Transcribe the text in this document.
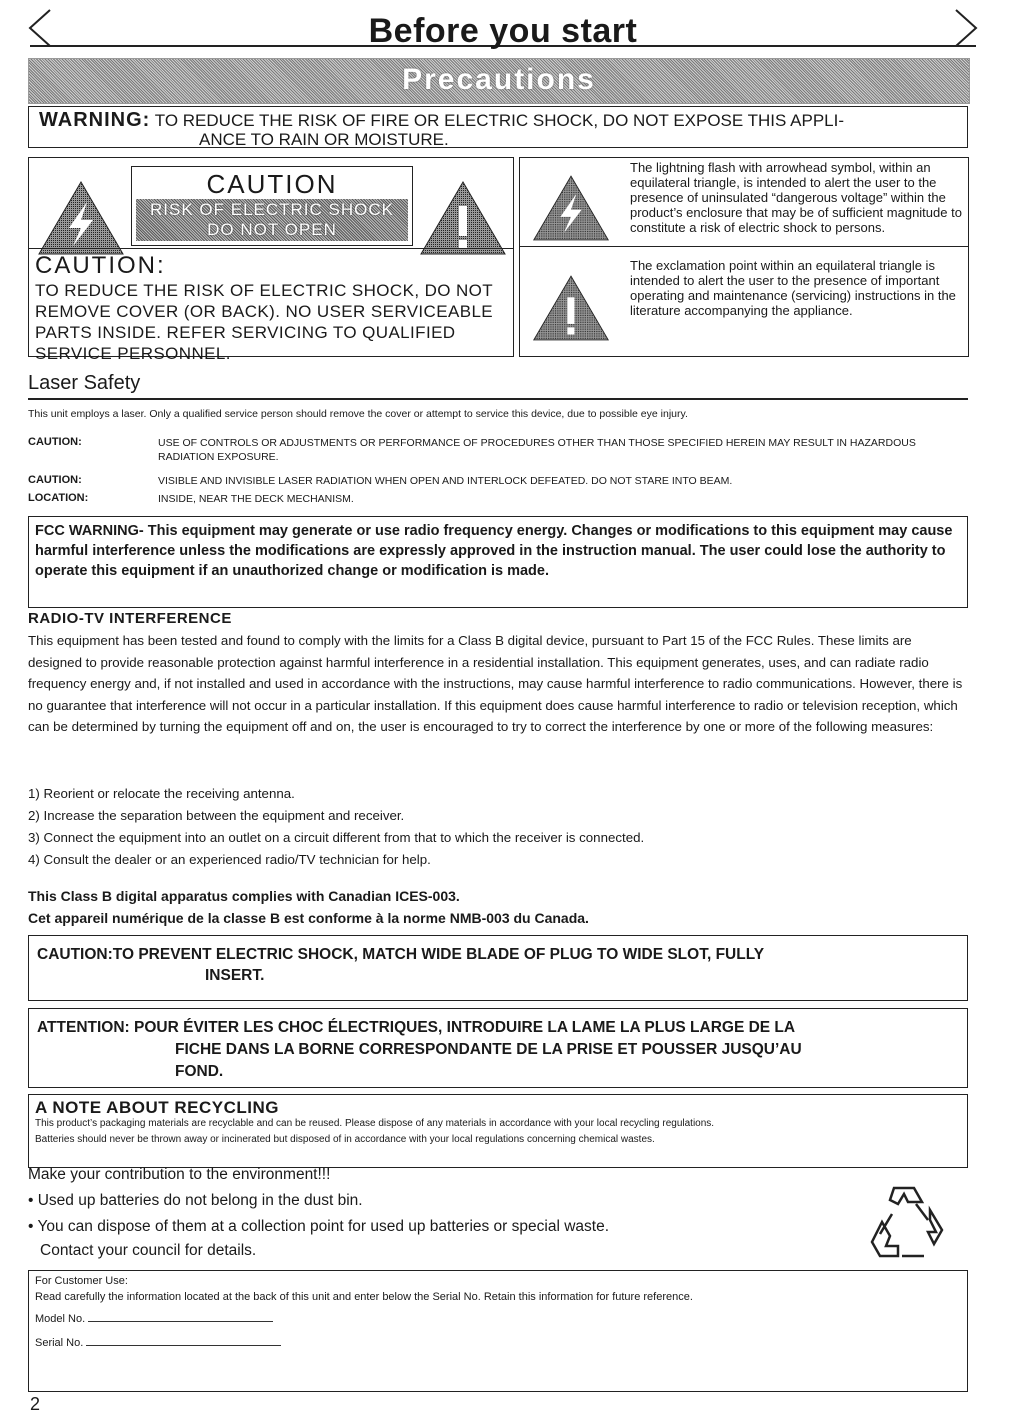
Before you start
Precautions
WARNING: TO REDUCE THE RISK OF FIRE OR ELECTRIC SHOCK, DO NOT EXPOSE THIS APPLI-
ANCE TO RAIN OR MOISTURE.
CAUTION
RISK OF ELECTRIC SHOCK
DO NOT OPEN
CAUTION:
TO REDUCE THE RISK OF ELECTRIC SHOCK, DO NOT REMOVE COVER (OR BACK). NO USER SERVICEABLE PARTS INSIDE. REFER SERVICING TO QUALIFIED SERVICE PERSONNEL.
The lightning flash with arrowhead symbol, within an equilateral triangle, is intended to alert the user to the presence of uninsulated “dangerous voltage” within the product’s enclosure that may be of sufficient magnitude to constitute a risk of electric shock to persons.
The exclamation point within an equilateral triangle is intended to alert the user to the presence of important operating and maintenance (servicing) instructions in the literature accompanying the appliance.
Laser Safety
This unit employs a laser. Only a qualified service person should remove the cover or attempt to service this device, due to possible eye injury.
CAUTION:	USE OF CONTROLS OR ADJUSTMENTS OR PERFORMANCE OF PROCEDURES OTHER THAN THOSE SPECIFIED HEREIN MAY RESULT IN HAZARDOUS RADIATION EXPOSURE.
CAUTION:	VISIBLE AND INVISIBLE LASER RADIATION WHEN OPEN AND INTERLOCK DEFEATED. DO NOT STARE INTO BEAM.
LOCATION:	INSIDE, NEAR THE DECK MECHANISM.
FCC WARNING- This equipment may generate or use radio frequency energy. Changes or modifications to this equipment may cause harmful interference unless the modifications are expressly approved in the instruction manual. The user could lose the authority to operate this equipment if an unauthorized change or modification is made.
RADIO-TV INTERFERENCE
This equipment has been tested and found to comply with the limits for a Class B digital device, pursuant to Part 15 of the FCC Rules. These limits are designed to provide reasonable protection against harmful interference in a residential installation. This equipment generates, uses, and can radiate radio frequency energy and, if not installed and used in accordance with the instructions, may cause harmful interference to radio communications. However, there is no guarantee that interference will not occur in a particular installation. If this equipment does cause harmful interference to radio or television reception, which can be determined by turning the equipment off and on, the user is encouraged to try to correct the interference by one or more of the following measures:
1) Reorient or relocate the receiving antenna.
2) Increase the separation between the equipment and receiver.
3) Connect the equipment into an outlet on a circuit different from that to which the receiver is connected.
4) Consult the dealer or an experienced radio/TV technician for help.
This Class B digital apparatus complies with Canadian ICES-003.
Cet appareil numérique de la classe B est conforme à la norme NMB-003 du Canada.
CAUTION:TO PREVENT ELECTRIC SHOCK, MATCH WIDE BLADE OF PLUG TO WIDE SLOT, FULLY
INSERT.
ATTENTION: POUR ÉVITER LES CHOC ÉLECTRIQUES, INTRODUIRE LA LAME LA PLUS LARGE DE LA
FICHE DANS LA BORNE CORRESPONDANTE DE LA PRISE ET POUSSER JUSQU’AU
FOND.
A NOTE ABOUT RECYCLING
This product’s packaging materials are recyclable and can be reused. Please dispose of any materials in accordance with your local recycling regulations.
Batteries should never be thrown away or incinerated but disposed of in accordance with your local regulations concerning chemical wastes.
Make your contribution to the environment!!!
• Used up batteries do not belong in the dust bin.
• You can dispose of them at a collection point for used up batteries or special waste.
Contact your council for details.
For Customer Use:
Read carefully the information located at the back of this unit and enter below the Serial No. Retain this information for future reference.
Model No.
Serial No.
2
